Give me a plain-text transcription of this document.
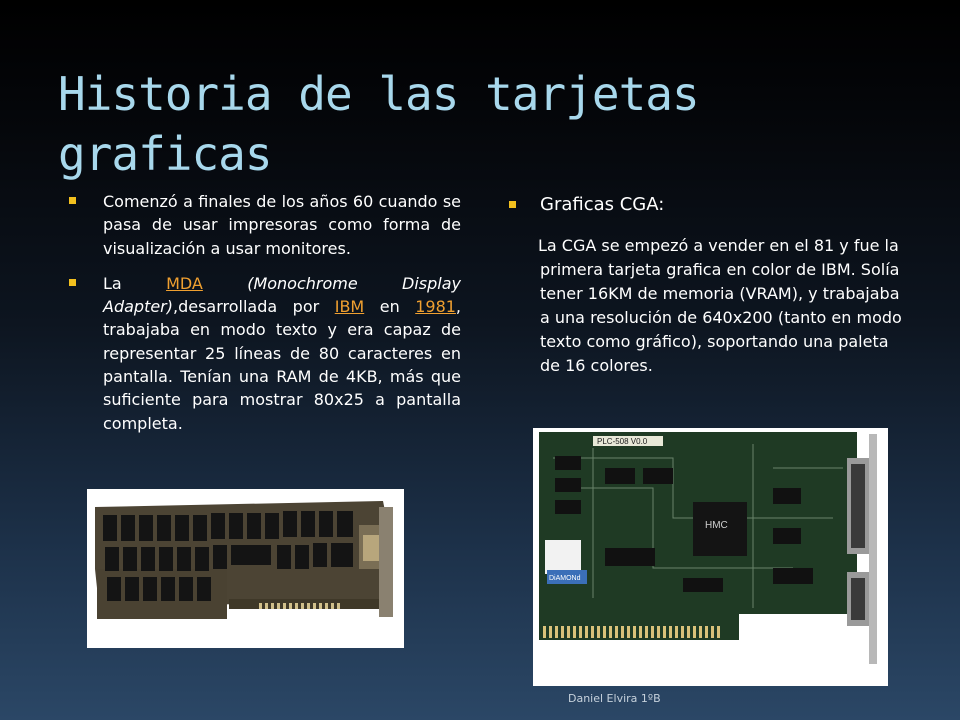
Historia de las tarjetas graficas
Comenzó a finales de los años 60 cuando se pasa de usar impresoras como forma de visualización a usar monitores.
La	MDA	(Monochrome Display Adapter),desarrollada por IBM en 1981, trabajaba en modo texto y era capaz de representar 25 líneas de 80 caracteres en pantalla. Tenían una RAM de 4KB, más que suficiente para mostrar 80x25 a pantalla completa.
Graficas CGA:
La CGA se empezó a vender en el 81 y fue la primera tarjeta grafica en color de IBM. Solía tener 16KM de memoria (VRAM), y trabajaba a una resolución de 640x200 (tanto en modo texto como gráfico), soportando una paleta de 16 colores.
PLC-508 V0.0
HMC
DiAMONd
Daniel Elvira 1ºB
